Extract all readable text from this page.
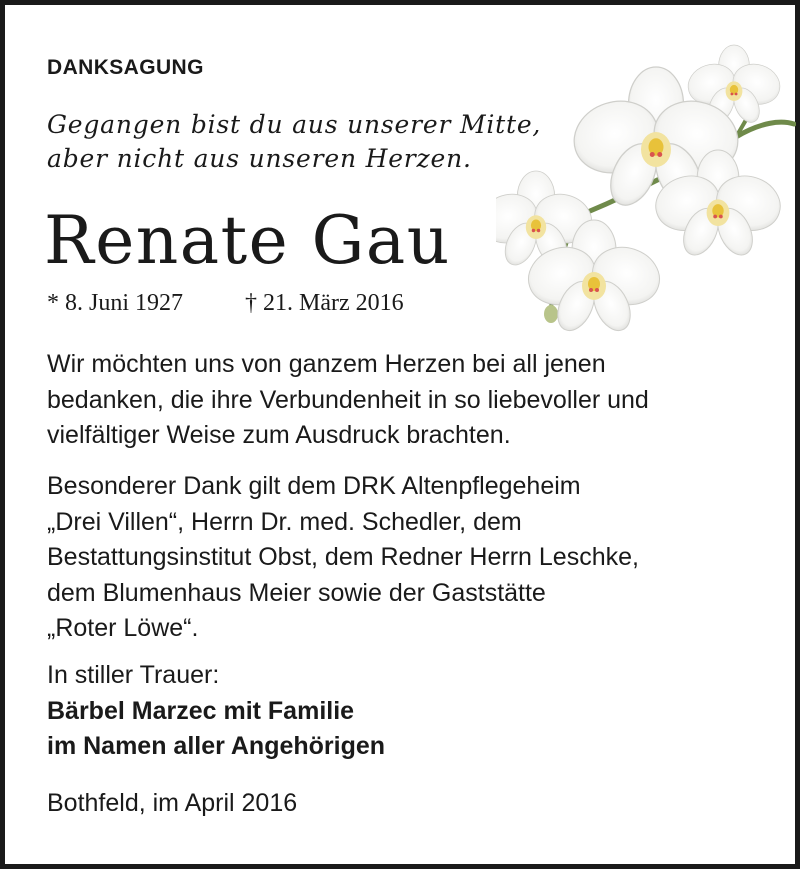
DANKSAGUNG
Gegangen bist du aus unserer Mitte,
aber nicht aus unseren Herzen.
Renate Gau
* 8. Juni 1927	† 21. März 2016
Wir möchten uns von ganzem Herzen bei all jenen
bedanken, die ihre Verbundenheit in so liebevoller und
vielfältiger Weise zum Ausdruck brachten.
Besonderer Dank gilt dem DRK Altenpflegeheim
„Drei Villen“, Herrn Dr. med. Schedler, dem
Bestattungsinstitut Obst, dem Redner Herrn Leschke,
dem Blumenhaus Meier sowie der Gaststätte
„Roter Löwe“.
In stiller Trauer:
Bärbel Marzec mit Familie
im Namen aller Angehörigen
Bothfeld, im April 2016
